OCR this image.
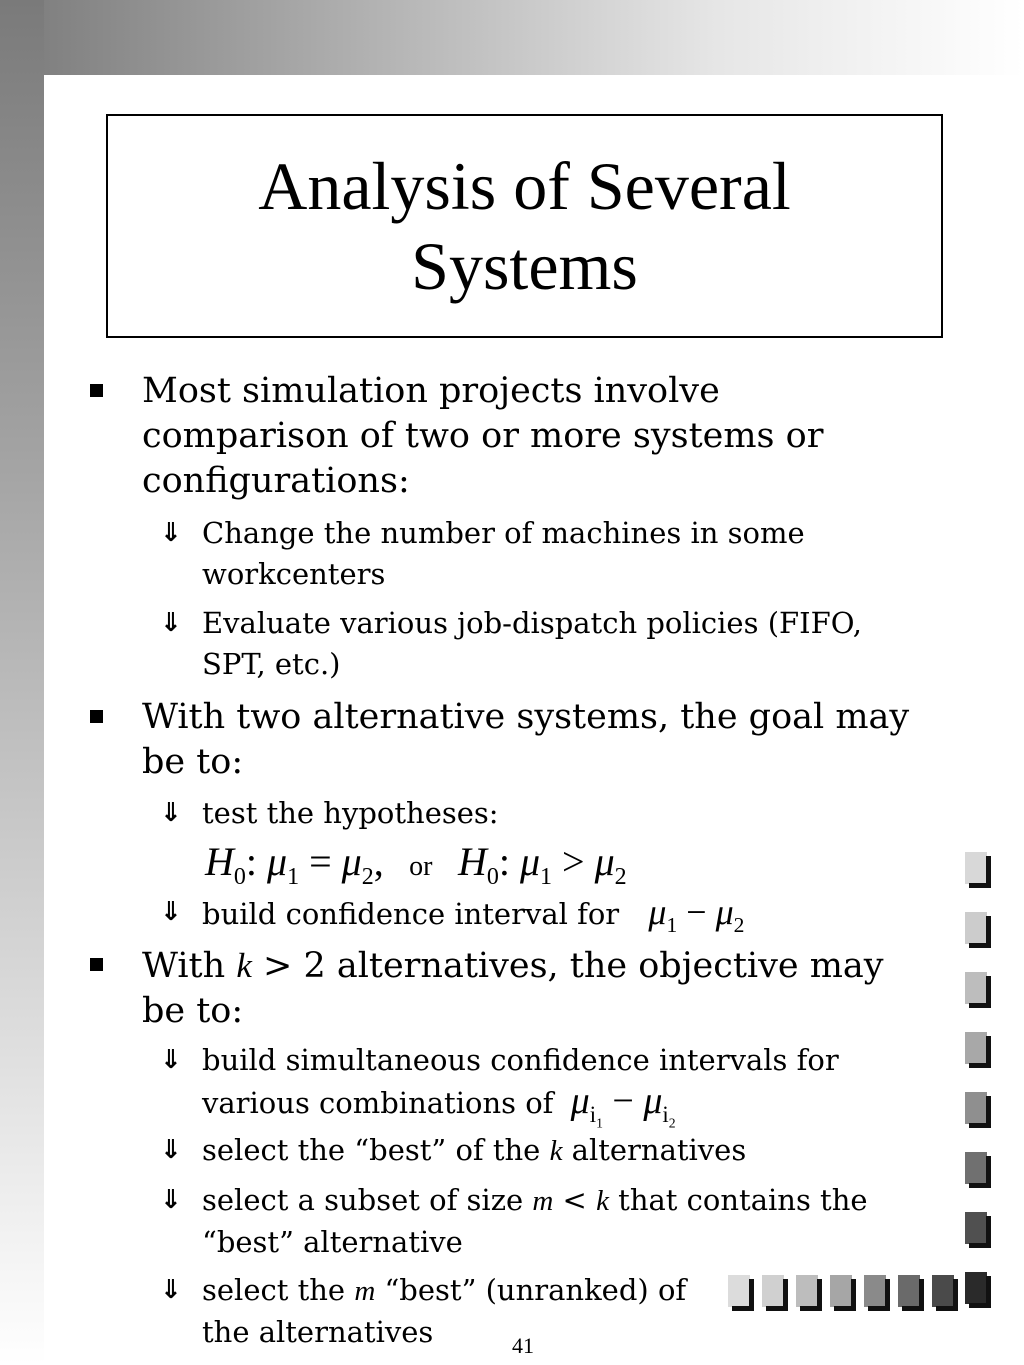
Analysis of Several Systems
Most simulation projects involve comparison of two or more systems or configurations:
⇓ Change the number of machines in some workcenters
⇓ Evaluate various job-dispatch policies (FIFO, SPT, etc.)
With two alternative systems, the goal may be to:
⇓ test the hypotheses:
$H_0$: $\mu_1 = \mu_2$, or $H_0$: $\mu_1 > \mu_2$
⇓ build confidence interval for $\mu_1 - \mu_2$
With k > 2 alternatives, the objective may be to:
⇓ build simultaneous confidence intervals for various combinations of $\mu_{i_1} - \mu_{i_2}$
⇓ select the “best” of the k alternatives
⇓ select a subset of size m < k that contains the “best” alternative
⇓ select the m “best” (unranked) of the alternatives	41
